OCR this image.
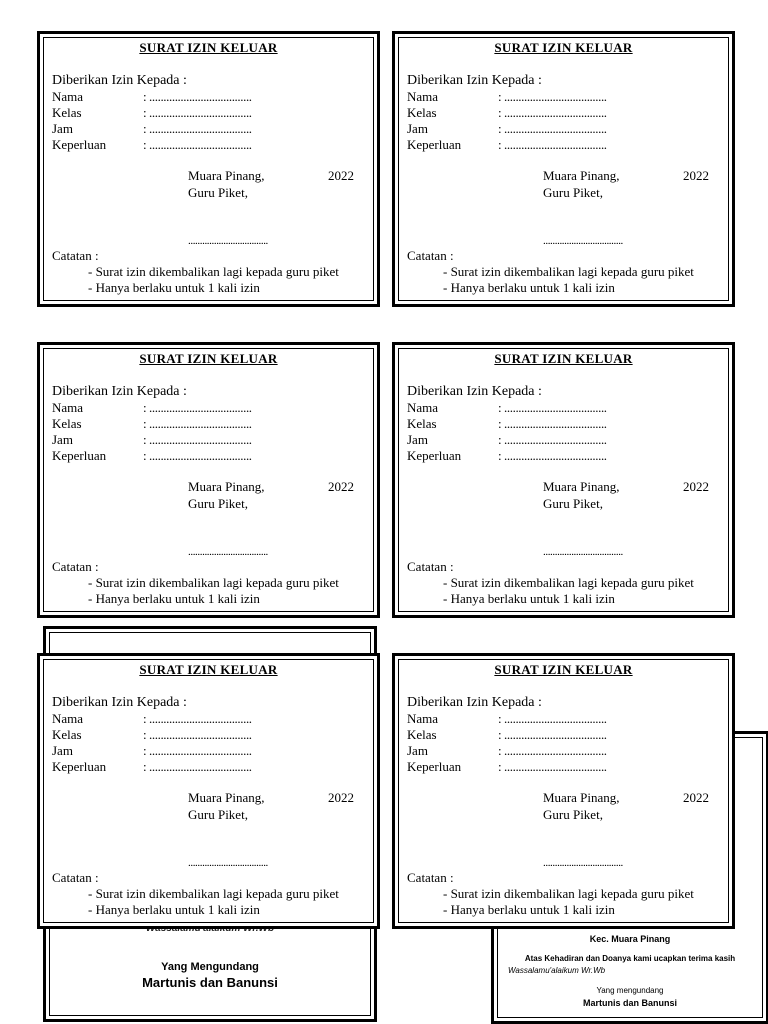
Yang Mengundang
Martunis dan Banunsi
Kec. Muara Pinang
Atas Kehadiran dan Doanya kami ucapkan terima kasih
Wassalamu'alaikum Wr.Wb
Yang mengundang
Martunis dan Banunsi
SURAT IZIN KELUAR
Diberikan Izin Kepada :
Nama	: ....................................
Kelas	: ....................................
Jam	: ....................................
Keperluan	: ....................................
Muara Pinang,	2022
Guru Piket,
..................................
Catatan :
- Surat izin dikembalikan lagi kepada guru piket
- Hanya berlaku untuk 1 kali izin
SURAT IZIN KELUAR
Diberikan Izin Kepada :
Nama	: ....................................
Kelas	: ....................................
Jam	: ....................................
Keperluan	: ....................................
Muara Pinang,	2022
Guru Piket,
..................................
Catatan :
- Surat izin dikembalikan lagi kepada guru piket
- Hanya berlaku untuk 1 kali izin
SURAT IZIN KELUAR
Diberikan Izin Kepada :
Nama	: ....................................
Kelas	: ....................................
Jam	: ....................................
Keperluan	: ....................................
Muara Pinang,	2022
Guru Piket,
..................................
Catatan :
- Surat izin dikembalikan lagi kepada guru piket
- Hanya berlaku untuk 1 kali izin
SURAT IZIN KELUAR
Diberikan Izin Kepada :
Nama	: ....................................
Kelas	: ....................................
Jam	: ....................................
Keperluan	: ....................................
Muara Pinang,	2022
Guru Piket,
..................................
Catatan :
- Surat izin dikembalikan lagi kepada guru piket
- Hanya berlaku untuk 1 kali izin
SURAT IZIN KELUAR
Diberikan Izin Kepada :
Nama	: ....................................
Kelas	: ....................................
Jam	: ....................................
Keperluan	: ....................................
Muara Pinang,	2022
Guru Piket,
..................................
Catatan :
- Surat izin dikembalikan lagi kepada guru piket
- Hanya berlaku untuk 1 kali izin
SURAT IZIN KELUAR
Diberikan Izin Kepada :
Nama	: ....................................
Kelas	: ....................................
Jam	: ....................................
Keperluan	: ....................................
Muara Pinang,	2022
Guru Piket,
..................................
Catatan :
- Surat izin dikembalikan lagi kepada guru piket
- Hanya berlaku untuk 1 kali izin
